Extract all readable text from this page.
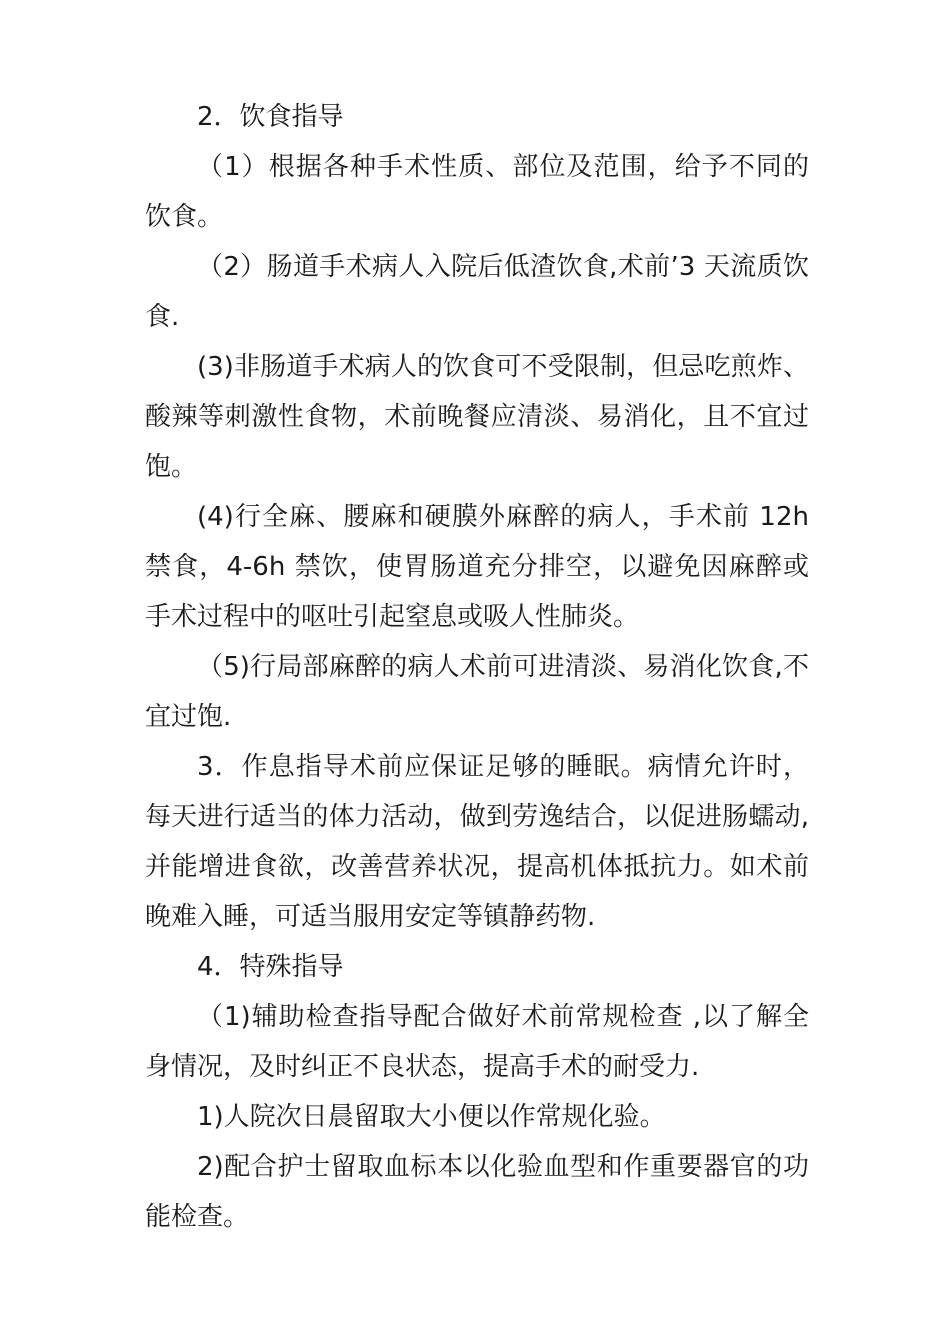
2．饮食指导

（1）根据各种手术性质、部位及范围，给予不同的饮食。

（2）肠道手术病人入院后低渣饮食,术前’3 天流质饮食.

(3)非肠道手术病人的饮食可不受限制，但忌吃煎炸、酸辣等刺激性食物，术前晚餐应清淡、易消化，且不宜过饱。

(4)行全麻、腰麻和硬膜外麻醉的病人，手术前 12h 禁食，4-6h 禁饮，使胃肠道充分排空，以避免因麻醉或手术过程中的呕吐引起窒息或吸人性肺炎。

（5)行局部麻醉的病人术前可进清淡、易消化饮食,不宜过饱.

3．作息指导术前应保证足够的睡眠。病情允许时，每天进行适当的体力活动，做到劳逸结合，以促进肠蠕动,并能增进食欲，改善营养状况，提高机体抵抗力。如术前晚难入睡，可适当服用安定等镇静药物.

4．特殊指导

（1)辅助检查指导配合做好术前常规检查 ,以了解全身情况，及时纠正不良状态，提高手术的耐受力.

1)人院次日晨留取大小便以作常规化验。

2)配合护士留取血标本以化验血型和作重要器官的功能检查。
